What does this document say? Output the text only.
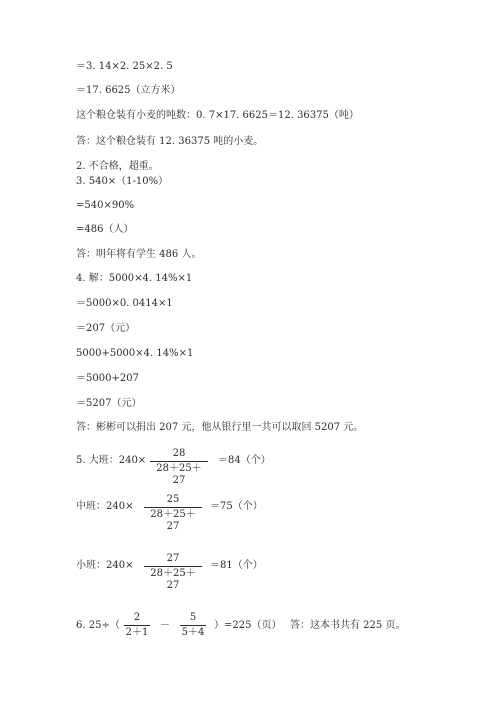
＝3. 14×2. 25×2. 5
＝17. 6625（立方米）
这个粮仓装有小麦的吨数：0. 7×17. 6625＝12. 36375（吨）
答：这个粮仓装有 12. 36375 吨的小麦。
2. 不合格，超重。
3. 540×（1-10%）
=540×90%
=486（人）
答：明年将有学生 486 人。
4. 解：5000×4. 14%×1
＝5000×0. 0414×1
＝207（元）
5000+5000×4. 14%×1
＝5000+207
＝5207（元）
答：彬彬可以捐出 207 元，他从银行里一共可以取回 5207 元。
5. 大班：240×
28
28＋25＋27
＝84（个）
中班：240×
25
28＋25＋27
＝75（个）
小班：240×
27
28＋25＋27
＝81（个）
6. 25÷（
2
2＋1
－
5
5＋4
）=225（页） 答：这本书共有 225 页。
